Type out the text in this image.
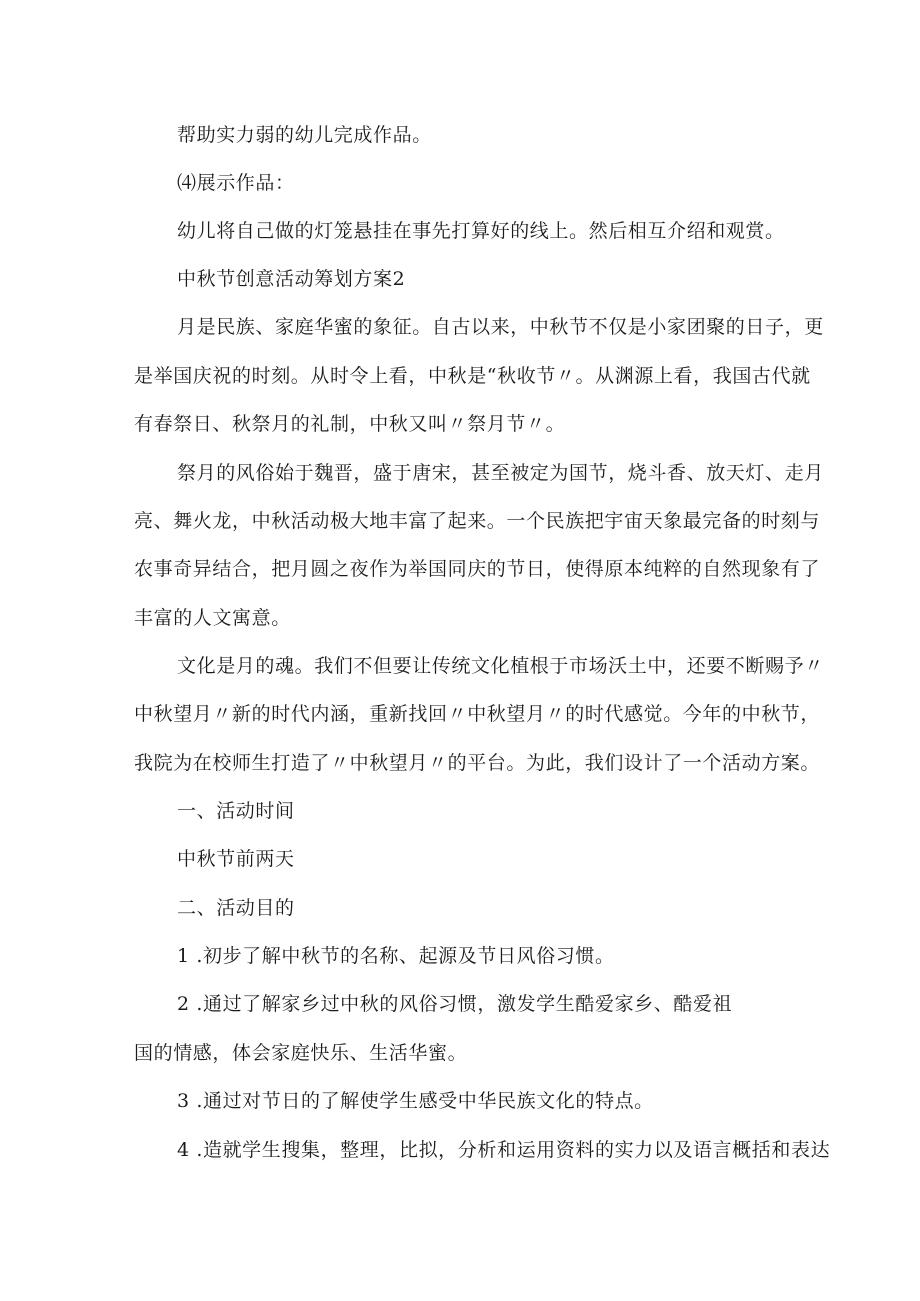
帮助实力弱的幼儿完成作品。
⑷展示作品：
幼儿将自己做的灯笼悬挂在事先打算好的线上。然后相互介绍和观赏。
中秋节创意活动筹划方案2
月是民族、家庭华蜜的象征。自古以来，中秋节不仅是小家团聚的日子，更
是举国庆祝的时刻。从时令上看，中秋是“秋收节〃。从渊源上看，我国古代就
有春祭日、秋祭月的礼制，中秋又叫〃祭月节〃。
祭月的风俗始于魏晋，盛于唐宋，甚至被定为国节，烧斗香、放天灯、走月
亮、舞火龙，中秋活动极大地丰富了起来。一个民族把宇宙天象最完备的时刻与
农事奇异结合，把月圆之夜作为举国同庆的节日，使得原本纯粹的自然现象有了
丰富的人文寓意。
文化是月的魂。我们不但要让传统文化植根于市场沃土中，还要不断赐予〃
中秋望月〃新的时代内涵，重新找回〃中秋望月〃的时代感觉。今年的中秋节，
我院为在校师生打造了〃中秋望月〃的平台。为此，我们设计了一个活动方案。
一、活动时间
中秋节前两天
二、活动目的
1 .初步了解中秋节的名称、起源及节日风俗习惯。
2 .通过了解家乡过中秋的风俗习惯，激发学生酷爱家乡、酷爱祖
国的情感，体会家庭快乐、生活华蜜。
3 .通过对节日的了解使学生感受中华民族文化的特点。
4 .造就学生搜集，整理，比拟，分析和运用资料的实力以及语言概括和表达
